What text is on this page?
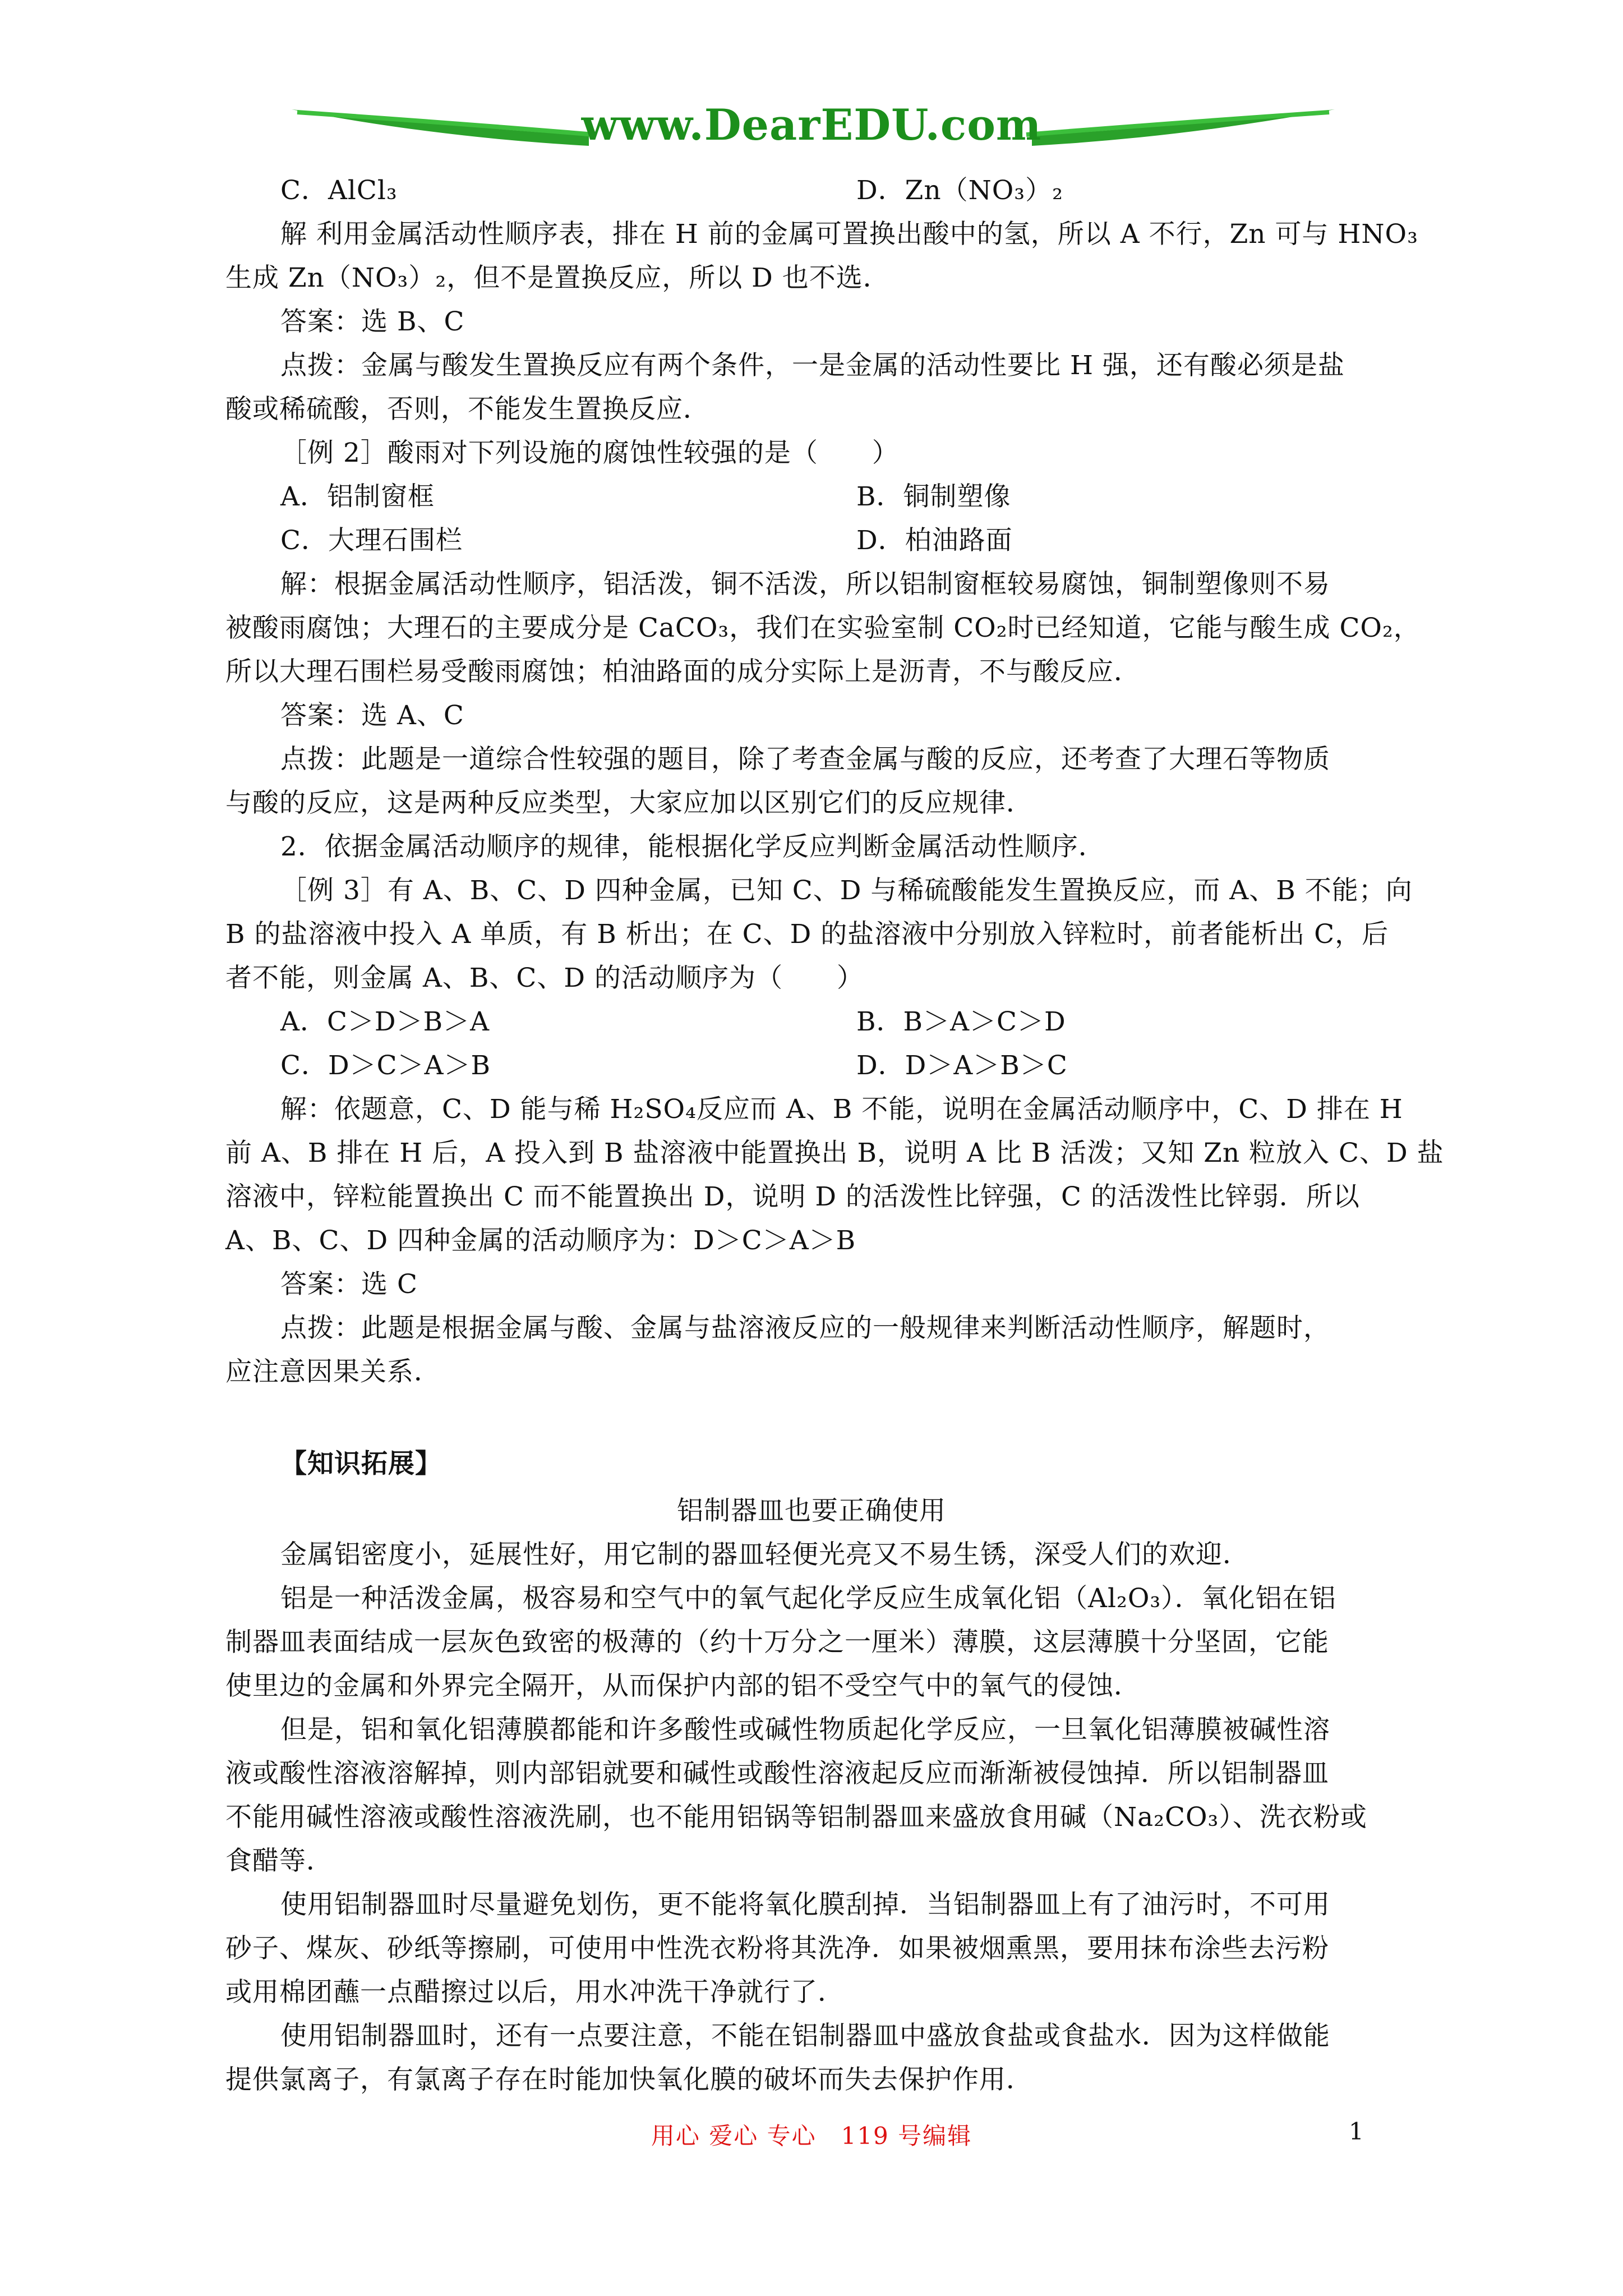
www.DearEDU.com
C．AlCl₃	D．Zn（NO₃）₂
解 利用金属活动性顺序表，排在 H 前的金属可置换出酸中的氢，所以 A 不行，Zn 可与 HNO₃
生成 Zn（NO₃）₂，但不是置换反应，所以 D 也不选．
答案：选 B、C
点拨：金属与酸发生置换反应有两个条件，一是金属的活动性要比 H 强，还有酸必须是盐
酸或稀硫酸，否则，不能发生置换反应．
［例 2］酸雨对下列设施的腐蚀性较强的是（　　）
A．铝制窗框	B．铜制塑像
C．大理石围栏	D．柏油路面
解：根据金属活动性顺序，铝活泼，铜不活泼，所以铝制窗框较易腐蚀，铜制塑像则不易
被酸雨腐蚀；大理石的主要成分是 CaCO₃，我们在实验室制 CO₂时已经知道，它能与酸生成 CO₂，
所以大理石围栏易受酸雨腐蚀；柏油路面的成分实际上是沥青，不与酸反应．
答案：选 A、C
点拨：此题是一道综合性较强的题目，除了考查金属与酸的反应，还考查了大理石等物质
与酸的反应，这是两种反应类型，大家应加以区别它们的反应规律．
2．依据金属活动顺序的规律，能根据化学反应判断金属活动性顺序．
［例 3］有 A、B、C、D 四种金属，已知 C、D 与稀硫酸能发生置换反应，而 A、B 不能；向
B 的盐溶液中投入 A 单质，有 B 析出；在 C、D 的盐溶液中分别放入锌粒时，前者能析出 C，后
者不能，则金属 A、B、C、D 的活动顺序为（　　）
A．C＞D＞B＞A	B．B＞A＞C＞D
C．D＞C＞A＞B	D．D＞A＞B＞C
解：依题意，C、D 能与稀 H₂SO₄反应而 A、B 不能，说明在金属活动顺序中，C、D 排在 H
前 A、B 排在 H 后，A 投入到 B 盐溶液中能置换出 B，说明 A 比 B 活泼；又知 Zn 粒放入 C、D 盐
溶液中，锌粒能置换出 C 而不能置换出 D，说明 D 的活泼性比锌强，C 的活泼性比锌弱．所以
A、B、C、D 四种金属的活动顺序为：D＞C＞A＞B
答案：选 C
点拨：此题是根据金属与酸、金属与盐溶液反应的一般规律来判断活动性顺序，解题时，
应注意因果关系．
【知识拓展】
铝制器皿也要正确使用
金属铝密度小，延展性好，用它制的器皿轻便光亮又不易生锈，深受人们的欢迎．
铝是一种活泼金属，极容易和空气中的氧气起化学反应生成氧化铝（Al₂O₃）．氧化铝在铝
制器皿表面结成一层灰色致密的极薄的（约十万分之一厘米）薄膜，这层薄膜十分坚固，它能
使里边的金属和外界完全隔开，从而保护内部的铝不受空气中的氧气的侵蚀．
但是，铝和氧化铝薄膜都能和许多酸性或碱性物质起化学反应，一旦氧化铝薄膜被碱性溶
液或酸性溶液溶解掉，则内部铝就要和碱性或酸性溶液起反应而渐渐被侵蚀掉．所以铝制器皿
不能用碱性溶液或酸性溶液洗刷，也不能用铝锅等铝制器皿来盛放食用碱（Na₂CO₃）、洗衣粉或
食醋等．
使用铝制器皿时尽量避免划伤，更不能将氧化膜刮掉．当铝制器皿上有了油污时，不可用
砂子、煤灰、砂纸等擦刷，可使用中性洗衣粉将其洗净．如果被烟熏黑，要用抹布涂些去污粉
或用棉团蘸一点醋擦过以后，用水冲洗干净就行了．
使用铝制器皿时，还有一点要注意，不能在铝制器皿中盛放食盐或食盐水．因为这样做能
提供氯离子，有氯离子存在时能加快氧化膜的破坏而失去保护作用．
用心 爱心 专心　119 号编辑	1
